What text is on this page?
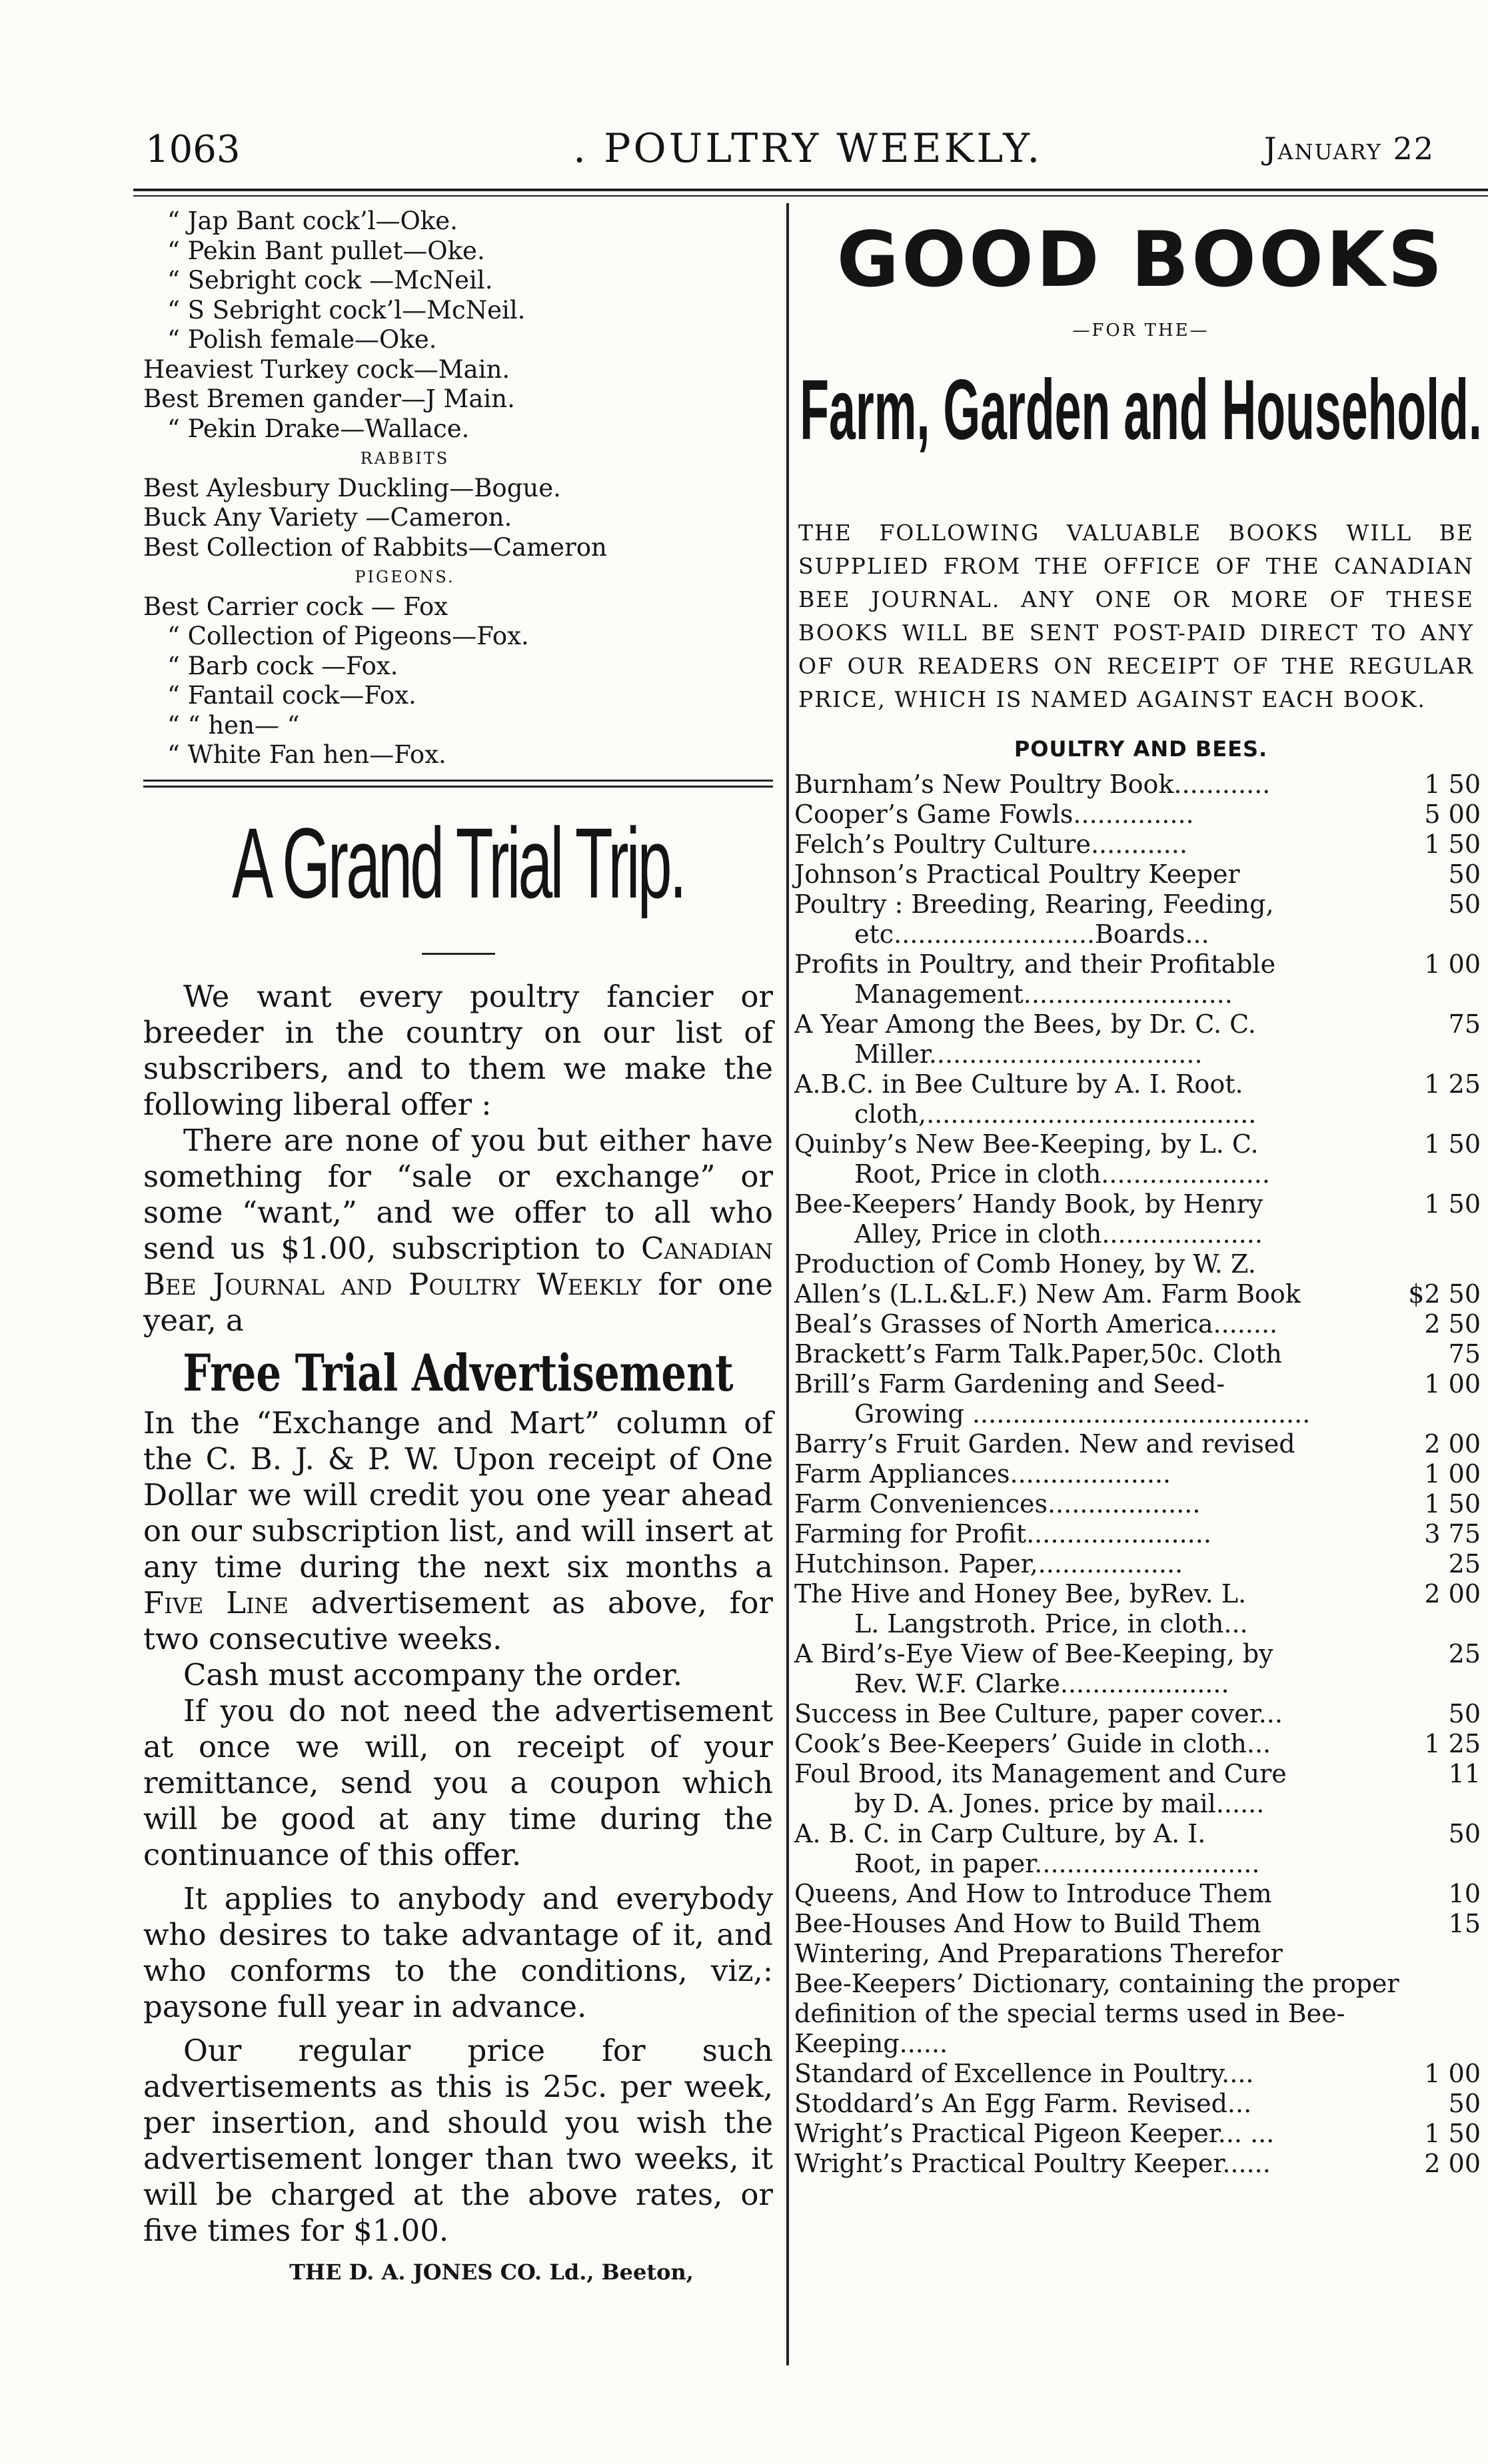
1063	. POULTRY WEEKLY.	January 22
“ Jap Bant cock’l—Oke.
“ Pekin Bant pullet—Oke.
“ Sebright cock —McNeil.
“ S Sebright cock’l—McNeil.
“ Polish female—Oke.
Heaviest Turkey cock—Main.
Best Bremen gander—J Main.
“ Pekin Drake—Wallace.
RABBITS
Best Aylesbury Duckling—Bogue.
Buck Any Variety —Cameron.
Best Collection of Rabbits—Cameron
PIGEONS.
Best Carrier cock — Fox
“ Collection of Pigeons—Fox.
“ Barb cock —Fox.
“ Fantail cock—Fox.
“ “ hen— “
“ White Fan hen—Fox.
A Grand Trial Trip.

We want every poultry fancier or breeder in the country on our list of subscribers, and to them we make the following liberal offer :

There are none of you but either have something for “sale or exchange” or some “want,” and we offer to all who send us $1.00, subscription to Canadian Bee Journal and Poultry Weekly for one year, a

Free Trial Advertisement

In the “Exchange and Mart” column of the C. B. J. & P. W. Upon receipt of One Dollar we will credit you one year ahead on our subscription list, and will insert at any time during the next six months a Five Line advertisement as above, for two consecutive weeks.

Cash must accompany the order.

If you do not need the advertisement at once we will, on receipt of your remittance, send you a coupon which will be good at any time during the continuance of this offer.

It applies to anybody and everybody who desires to take advantage of it, and who conforms to the conditions, viz,: paysone full year in advance.

Our regular price for such advertisements as this is 25c. per week, per insertion, and should you wish the advertisement longer than two weeks, it will be charged at the above rates, or five times for $1.00.

THE D. A. JONES CO. Ld., Beeton,
GOOD BOOKS
—FOR THE—
Farm, Garden and Household.
THE FOLLOWING VALUABLE BOOKS WILL BE SUPPLIED FROM THE OFFICE OF THE CANADIAN BEE JOURNAL. ANY ONE OR MORE OF THESE BOOKS WILL BE SENT POST-PAID DIRECT TO ANY OF OUR READERS ON RECEIPT OF THE REGULAR PRICE, WHICH IS NAMED AGAINST EACH BOOK.
POULTRY AND BEES.
Burnham’s New Poultry Book............	1 50
Cooper’s Game Fowls...............	5 00
Felch’s Poultry Culture............	1 50
Johnson’s Practical Poultry Keeper	50
Poultry : Breeding, Rearing, Feeding,
etc.........................Boards...
50
Profits in Poultry, and their Profitable
Management..........................
1 00
A Year Among the Bees, by Dr. C. C.
Miller..................................
75
A.B.C. in Bee Culture by A. I. Root.
cloth,.........................................
1 25
Quinby’s New Bee-Keeping, by L. C.
Root, Price in cloth.....................
1 50
Bee-Keepers’ Handy Book, by Henry
Alley, Price in cloth....................
1 50
Production of Comb Honey, by W. Z.
Allen’s (L.L.&L.F.) New Am. Farm Book	$2 50
Beal’s Grasses of North America........	2 50
Brackett’s Farm Talk.Paper,50c. Cloth	75
Brill’s Farm Gardening and Seed-
Growing ..........................................
1 00
Barry’s Fruit Garden. New and revised	2 00
Farm Appliances....................	1 00
Farm Conveniences...................	1 50
Farming for Profit.......................	3 75
Hutchinson. Paper,..................	25
The Hive and Honey Bee, byRev. L.
L. Langstroth. Price, in cloth...
2 00
A Bird’s-Eye View of Bee-Keeping, by
Rev. W.F. Clarke.....................
25
Success in Bee Culture, paper cover...	50
Cook’s Bee-Keepers’ Guide in cloth...	1 25
Foul Brood, its Management and Cure
by D. A. Jones. price by mail......
11
A. B. C. in Carp Culture, by A. I.
Root, in paper............................
50
Queens, And How to Introduce Them	10
Bee-Houses And How to Build Them	15
Wintering, And Preparations Therefor
Bee-Keepers’ Dictionary, containing the proper definition of the special terms used in Bee-Keeping......
Standard of Excellence in Poultry....	1 00
Stoddard’s An Egg Farm. Revised...	50
Wright’s Practical Pigeon Keeper... ...	1 50
Wright’s Practical Poultry Keeper......	2 00
